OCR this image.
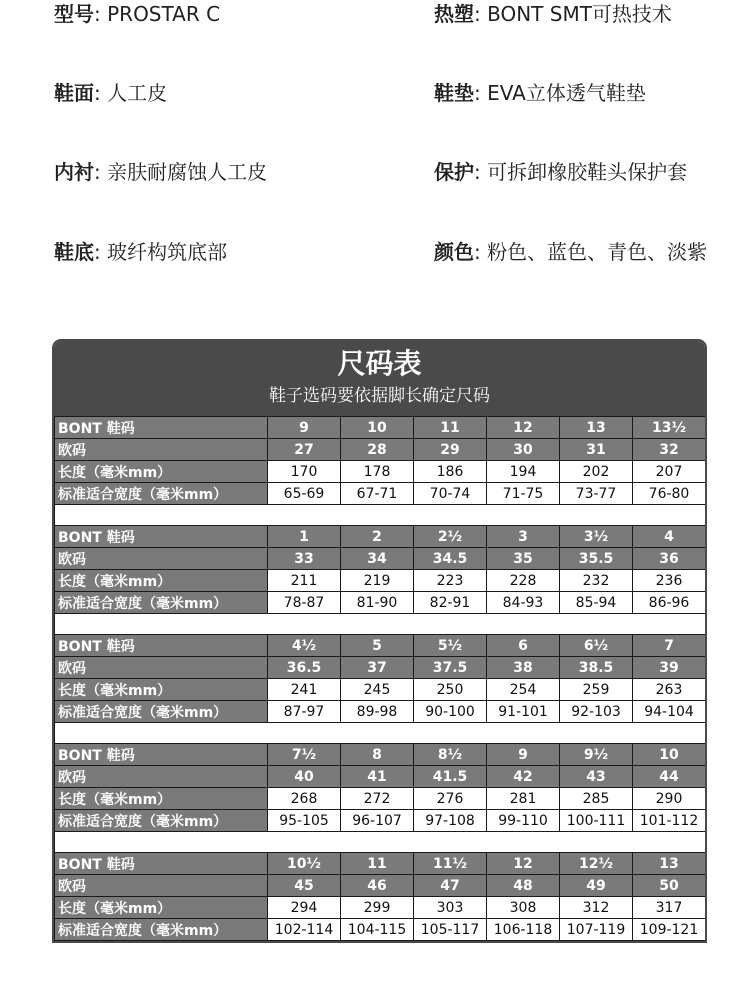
型号: PROSTAR C	热塑: BONT SMT可热技术
鞋面: 人工皮	鞋垫: EVA立体透气鞋垫
内衬: 亲肤耐腐蚀人工皮	保护: 可拆卸橡胶鞋头保护套
鞋底: 玻纤构筑底部	颜色: 粉色、蓝色、青色、淡紫
尺码表
鞋子选码要依据脚长确定尺码
BONT 鞋码	9	10	11	12	13	13½
欧码	27	28	29	30	31	32
长度（毫米mm）	170	178	186	194	202	207
标准适合宽度（毫米mm）	65-69	67-71	70-74	71-75	73-77	76-80

BONT 鞋码	1	2	2½	3	3½	4
欧码	33	34	34.5	35	35.5	36
长度（毫米mm）	211	219	223	228	232	236
标准适合宽度（毫米mm）	78-87	81-90	82-91	84-93	85-94	86-96

BONT 鞋码	4½	5	5½	6	6½	7
欧码	36.5	37	37.5	38	38.5	39
长度（毫米mm）	241	245	250	254	259	263
标准适合宽度（毫米mm）	87-97	89-98	90-100	91-101	92-103	94-104

BONT 鞋码	7½	8	8½	9	9½	10
欧码	40	41	41.5	42	43	44
长度（毫米mm）	268	272	276	281	285	290
标准适合宽度（毫米mm）	95-105	96-107	97-108	99-110	100-111	101-112

BONT 鞋码	10½	11	11½	12	12½	13
欧码	45	46	47	48	49	50
长度（毫米mm）	294	299	303	308	312	317
标准适合宽度（毫米mm）	102-114	104-115	105-117	106-118	107-119	109-121
